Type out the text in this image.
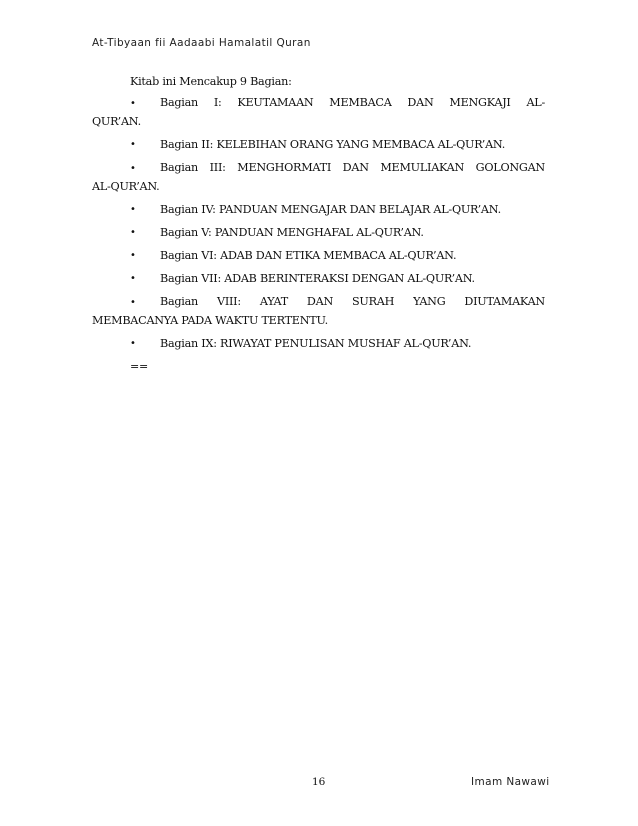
At-Tibyaan fii Aadaabi Hamalatil Quran
Kitab ini Mencakup 9 Bagian:
• Bagian I: KEUTAMAAN MEMBACA DAN MENGKAJI AL-
QUR’AN.
•	Bagian II: KELEBIHAN ORANG YANG MEMBACA AL-QUR’AN.
• Bagian III: MENGHORMATI DAN MEMULIAKAN GOLONGAN
AL-QUR’AN.
•	Bagian IV: PANDUAN MENGAJAR DAN BELAJAR AL-QUR’AN.
•	Bagian V: PANDUAN MENGHAFAL AL-QUR’AN.
•	Bagian VI: ADAB DAN ETIKA MEMBACA AL-QUR’AN.
•	Bagian VII: ADAB BERINTERAKSI DENGAN AL-QUR’AN.
• Bagian VIII: AYAT DAN SURAH YANG DIUTAMAKAN
MEMBACANYA PADA WAKTU TERTENTU.
•	Bagian IX: RIWAYAT PENULISAN MUSHAF AL-QUR’AN.
==
16	Imam Nawawi
